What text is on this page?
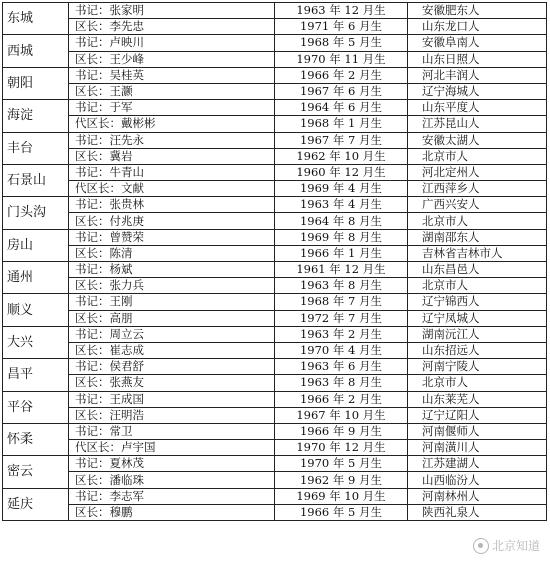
东城	书记：张家明	1963 年 12 月生	安徽肥东人
	区长：李先忠	1971 年 6 月生	山东龙口人
西城	书记：卢映川	1968 年 5 月生	安徽阜南人
	区长：王少峰	1970 年 11 月生	山东日照人
朝阳	书记：吴桂英	1966 年 2 月生	河北丰润人
	区长：王灏	1967 年 6 月生	辽宁海城人
海淀	书记：于军	1964 年 6 月生	山东平度人
	代区长：戴彬彬	1968 年 1 月生	江苏昆山人
丰台	书记：汪先永	1967 年 7 月生	安徽太湖人
	区长：冀岩	1962 年 10 月生	北京市人
石景山	书记：牛青山	1960 年 12 月生	河北定州人
	代区长：文献	1969 年 4 月生	江西萍乡人
门头沟	书记：张贵林	1963 年 4 月生	广西兴安人
	区长：付兆庚	1964 年 8 月生	北京市人
房山	书记：曾赞荣	1969 年 8 月生	湖南邵东人
	区长：陈清	1966 年 1 月生	吉林省吉林市人
通州	书记：杨斌	1961 年 12 月生	山东昌邑人
	区长：张力兵	1963 年 8 月生	北京市人
顺义	书记：王刚	1968 年 7 月生	辽宁锦西人
	区长：高朋	1972 年 7 月生	辽宁凤城人
大兴	书记：周立云	1963 年 2 月生	湖南沅江人
	区长：崔志成	1970 年 4 月生	山东招远人
昌平	书记：侯君舒	1963 年 6 月生	河南宁陵人
	区长：张燕友	1963 年 8 月生	北京市人
平谷	书记：王成国	1966 年 2 月生	山东莱芜人
	区长：汪明浩	1967 年 10 月生	辽宁辽阳人
怀柔	书记：常卫	1966 年 9 月生	河南偃师人
	代区长：卢宇国	1970 年 12 月生	河南潢川人
密云	书记：夏林茂	1970 年 5 月生	江苏建湖人
	区长：潘临珠	1962 年 9 月生	山西临汾人
延庆	书记：李志军	1969 年 10 月生	河南林州人
	区长：穆鹏	1966 年 5 月生	陕西礼泉人
北京知道
